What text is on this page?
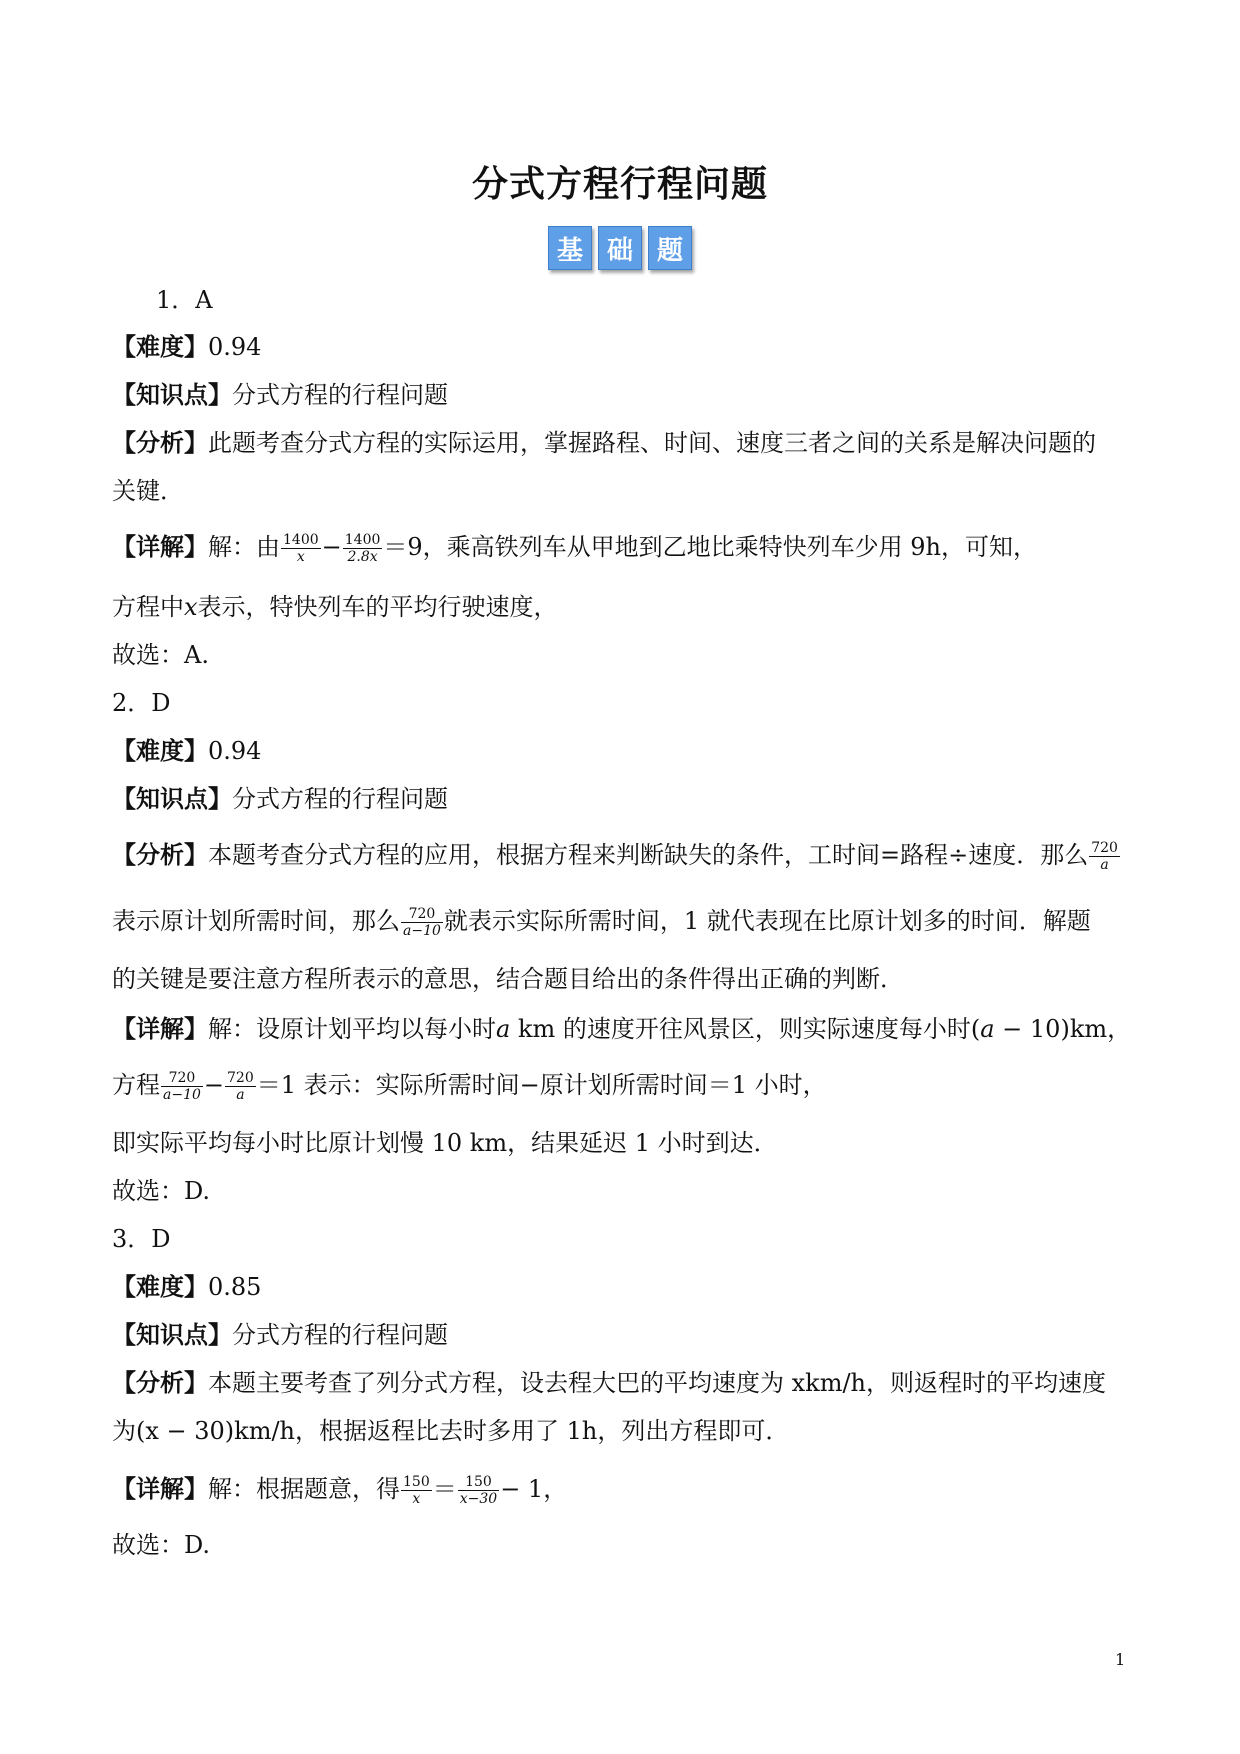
分式方程行程问题
基 础 题
1．A
【难度】0.94
【知识点】分式方程的行程问题
【分析】此题考查分式方程的实际运用，掌握路程、时间、速度三者之间的关系是解决问题的
关键．
【详解】解：由 $\frac{1400}{x} - \frac{1400}{2.8x} =9$，乘高铁列车从甲地到乙地比乘特快列车少用 9h，可知，
方程中x表示，特快列车的平均行驶速度，
故选：A.
2．D
【难度】0.94
【知识点】分式方程的行程问题
【分析】本题考查分式方程的应用，根据方程来判断缺失的条件，工时间=路程÷速度．那么 $\frac{720}{a}$
表示原计划所需时间，那么 $\frac{720}{a-10}$ 就表示实际所需时间，1 就代表现在比原计划多的时间．解题
的关键是要注意方程所表示的意思，结合题目给出的条件得出正确的判断．
【详解】解：设原计划平均以每小时a km 的速度开往风景区，则实际速度每小时(a − 10)km，
方程 $\frac{720}{a-10} - \frac{720}{a} =1$ 表示：实际所需时间−原计划所需时间＝1 小时，
即实际平均每小时比原计划慢 10 km，结果延迟 1 小时到达．
故选：D.
3．D
【难度】0.85
【知识点】分式方程的行程问题
【分析】本题主要考查了列分式方程，设去程大巴的平均速度为 xkm/h，则返程时的平均速度
为(x − 30)km/h，根据返程比去时多用了 1h，列出方程即可．
【详解】解：根据题意，得 $\frac{150}{x} = \frac{150}{x-30} - 1$，
故选：D.
1
